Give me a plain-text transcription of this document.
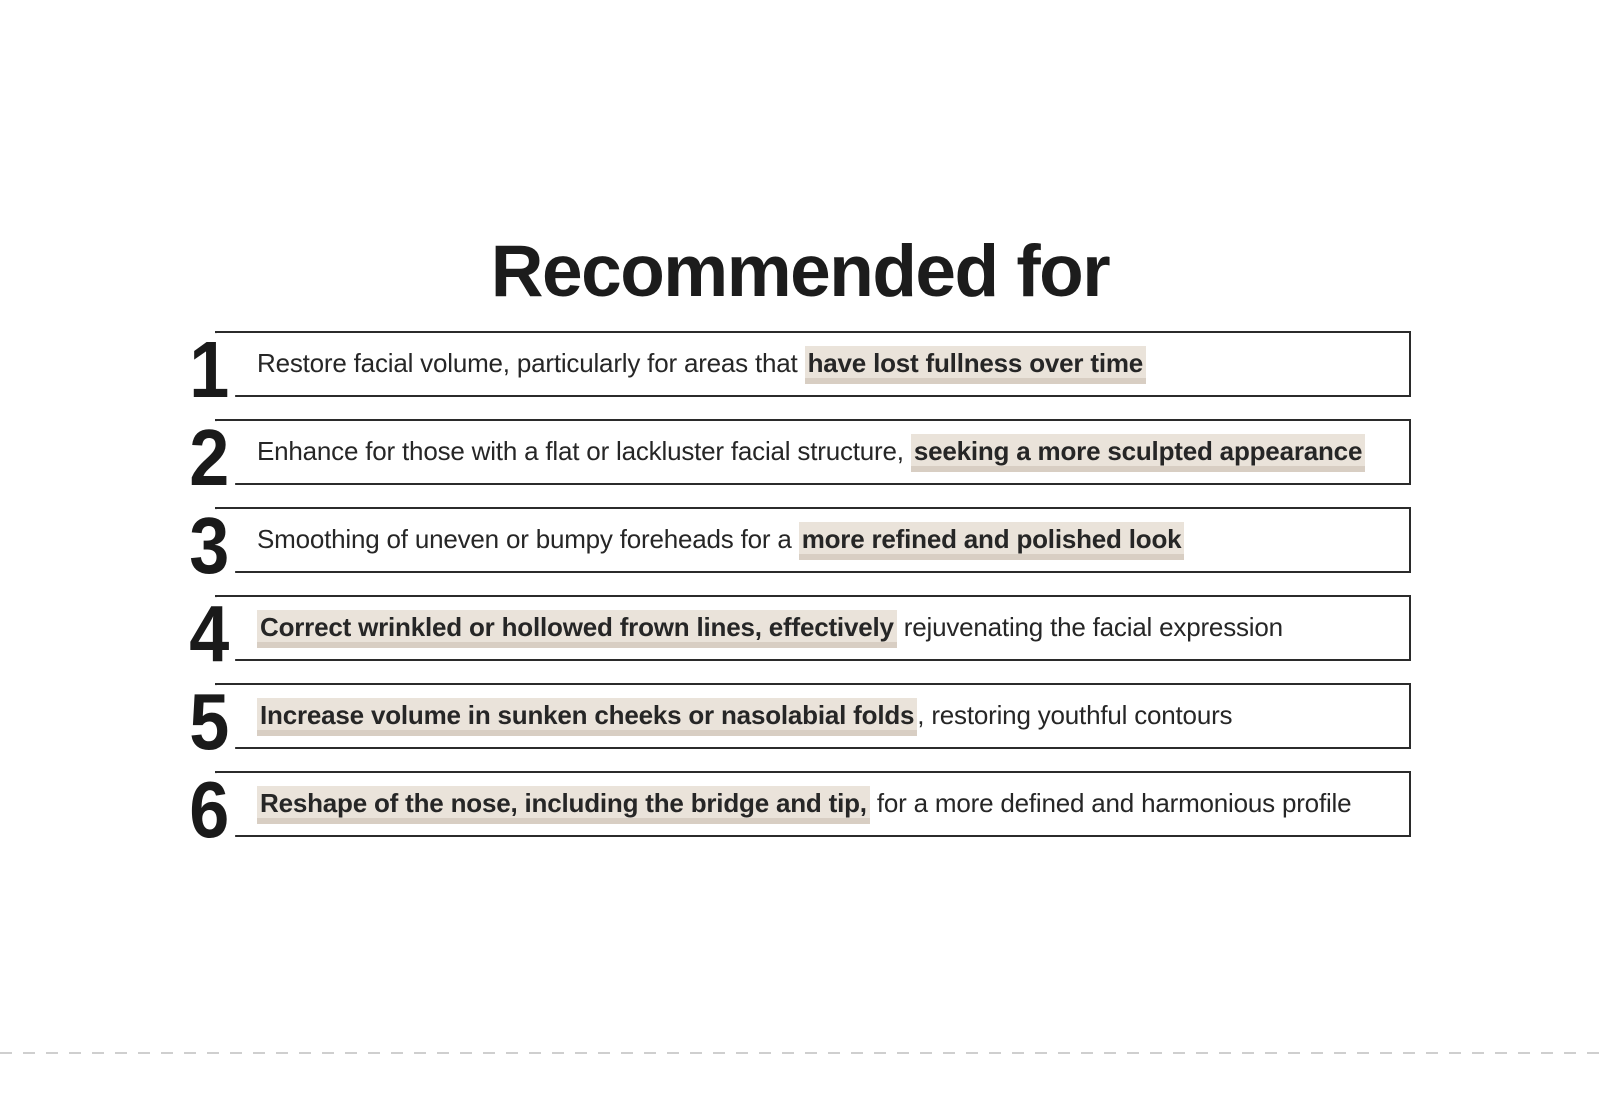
Recommended for
1 Restore facial volume, particularly for areas that have lost fullness over time
2 Enhance for those with a flat or lackluster facial structure, seeking a more sculpted appearance
3 Smoothing of uneven or bumpy foreheads for a more refined and polished look
4 Correct wrinkled or hollowed frown lines, effectively rejuvenating the facial expression
5 Increase volume in sunken cheeks or nasolabial folds , restoring youthful contours
6 Reshape of the nose, including the bridge and tip, for a more defined and harmonious profile
